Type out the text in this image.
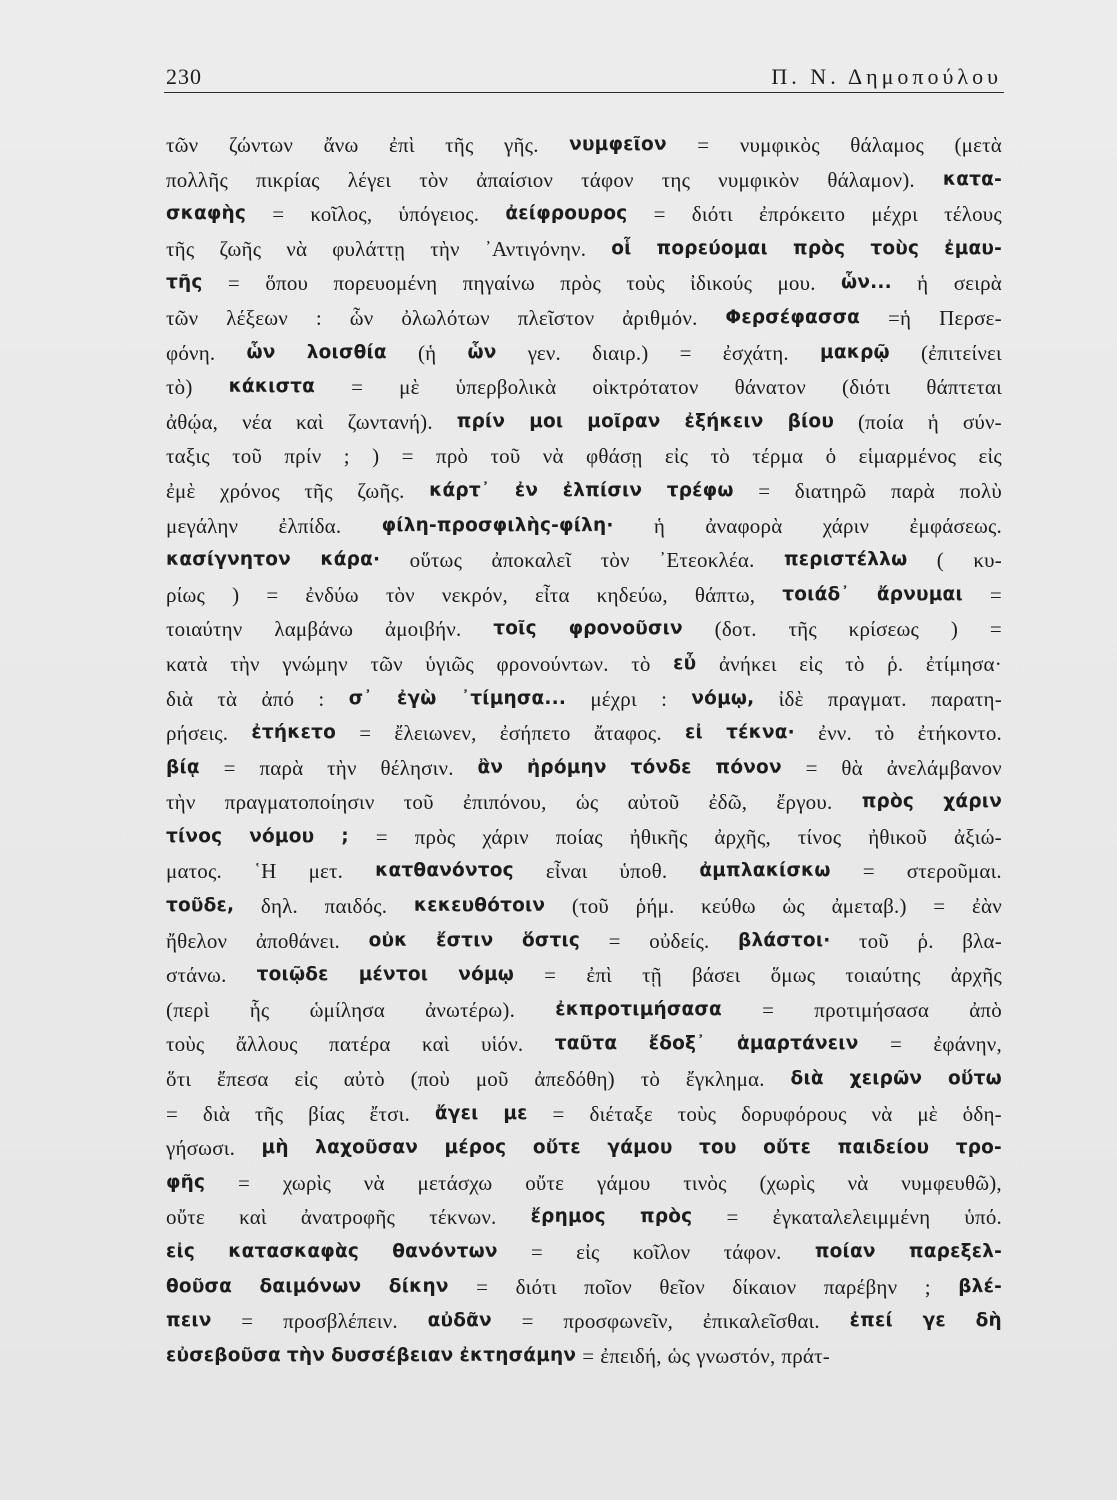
230	Π. Ν. Δημοπούλου
τῶν ζώντων ἄνω ἐπὶ τῆς γῆς. νυμφεῖον = νυμφικὸς θάλαμος (μετὰ
πολλῆς πικρίας λέγει τὸν ἀπαίσιον τάφον της νυμφικὸν θάλαμον). κατα-
σκαφὴς = κοῖλος, ὑπόγειος. ἀείφρουρος = διότι ἐπρόκειτο μέχρι τέλους
τῆς ζωῆς νὰ φυλάττῃ τὴν ᾿Αντιγόνην. οἷ πορεύομαι πρὸς τοὺς ἐμαυ-
τῆς = ὅπου πορευομένη πηγαίνω πρὸς τοὺς ἰδικούς μου. ὧν... ἡ σειρὰ
τῶν λέξεων : ὧν ὀλωλότων πλεῖστον ἀριθμόν. Φερσέφασσα =ἡ Περσε-
φόνη. ὧν λοισθία (ἡ ὧν γεν. διαιρ.) = ἐσχάτη. μακρῷ (ἐπιτείνει
τὸ) κάκιστα = μὲ ὑπερβολικὰ οἰκτρότατον θάνατον (διότι θάπτεται
ἀθῴα, νέα καὶ ζωντανή). πρίν μοι μοῖραν ἐξήκειν βίου (ποία ἡ σύν-
ταξις τοῦ πρίν ; ) = πρὸ τοῦ νὰ φθάσῃ εἰς τὸ τέρμα ὁ εἱμαρμένος εἰς
ἐμὲ χρόνος τῆς ζωῆς. κάρτ᾿ ἐν ἐλπίσιν τρέφω = διατηρῶ παρὰ πολὺ
μεγάλην ἐλπίδα. φίλη-προσφιλὴς-φίλη· ἡ ἀναφορὰ χάριν ἐμφάσεως.
κασίγνητον κάρα· οὕτως ἀποκαλεῖ τὸν ᾿Ετεοκλέα. περιστέλλω ( κυ-
ρίως ) = ἐνδύω τὸν νεκρόν, εἶτα κηδεύω, θάπτω, τοιάδ᾿ ἄρνυμαι =
τοιαύτην λαμβάνω ἀμοιβήν. τοῖς φρονοῦσιν (δοτ. τῆς κρίσεως ) =
κατὰ τὴν γνώμην τῶν ὑγιῶς φρονούντων. τὸ εὖ ἀνήκει εἰς τὸ ῥ. ἐτίμησα·
διὰ τὰ ἀπό : σ᾿ ἐγὼ ᾿τίμησα... μέχρι : νόμῳ, ἰδὲ πραγματ. παρατη-
ρήσεις. ἐτήκετο = ἔλειωνεν, ἐσήπετο ἄταφος. εἰ τέκνα· ἐνν. τὸ ἐτήκοντο.
βίᾳ = παρὰ τὴν θέλησιν. ἂν ἠρόμην τόνδε πόνον = θὰ ἀνελάμβανον
τὴν πραγματοποίησιν τοῦ ἐπιπόνου, ὡς αὐτοῦ ἐδῶ, ἔργου. πρὸς χάριν
τίνος νόμου ; = πρὸς χάριν ποίας ἠθικῆς ἀρχῆς, τίνος ἠθικοῦ ἀξιώ-
ματος. ῾Η μετ. κατθανόντος εἶναι ὑποθ. ἀμπλακίσκω = στεροῦμαι.
τοῦδε, δηλ. παιδός. κεκευθότοιν (τοῦ ῥήμ. κεύθω ὡς ἀμεταβ.) = ἐὰν
ἤθελον ἀποθάνει. οὐκ ἔστιν ὅστις = οὐδείς. βλάστοι· τοῦ ῥ. βλα-
στάνω. τοιῷδε μέντοι νόμῳ = ἐπὶ τῇ βάσει ὅμως τοιαύτης ἀρχῆς
(περὶ ἧς ὡμίλησα ἀνωτέρω). ἐκπροτιμήσασα = προτιμήσασα ἀπὸ
τοὺς ἄλλους πατέρα καὶ υἱόν. ταῦτα ἔδοξ᾿ ἁμαρτάνειν = ἐφάνην,
ὅτι ἔπεσα εἰς αὐτὸ (ποὺ μοῦ ἀπεδόθη) τὸ ἔγκλημα. διὰ χειρῶν οὕτω
= διὰ τῆς βίας ἔτσι. ἄγει με = διέταξε τοὺς δορυφόρους νὰ μὲ ὁδη-
γήσωσι. μὴ λαχοῦσαν μέρος οὔτε γάμου του οὔτε παιδείου τρο-
φῆς = χωρὶς νὰ μετάσχω οὔτε γάμου τινὸς (χωρὶς νὰ νυμφευθῶ),
οὔτε καὶ ἀνατροφῆς τέκνων. ἔρημος πρὸς = ἐγκαταλελειμμένη ὑπό.
εἰς κατασκαφὰς θανόντων = εἰς κοῖλον τάφον. ποίαν παρεξελ-
θοῦσα δαιμόνων δίκην = διότι ποῖον θεῖον δίκαιον παρέβην ; βλέ-
πειν = προσβλέπειν. αὐδᾶν = προσφωνεῖν, ἐπικαλεῖσθαι. ἐπεί γε δὴ
εὐσεβοῦσα τὴν δυσσέβειαν ἐκτησάμην = ἐπειδή, ὡς γνωστόν, πράτ-
